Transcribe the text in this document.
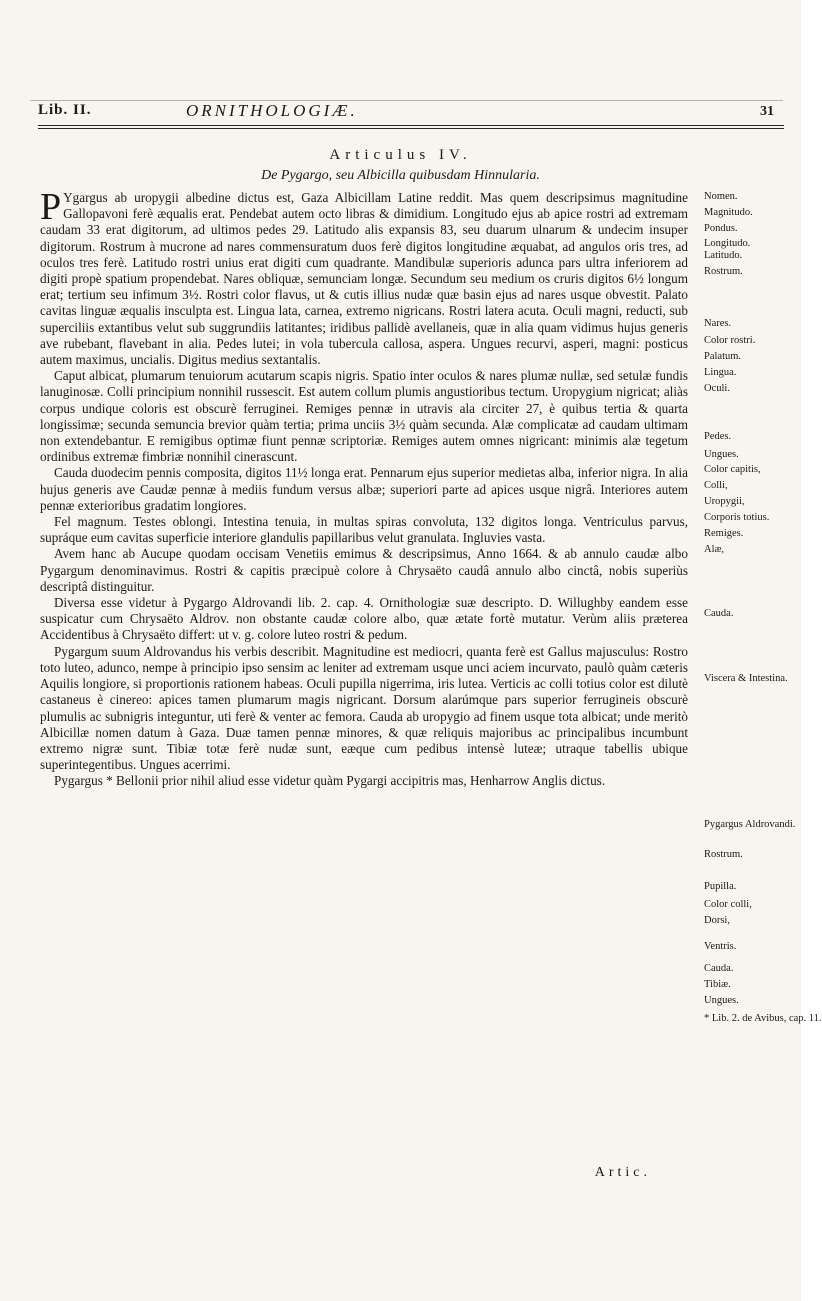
Lib. II.	ORNITHOLOGIÆ.	31
Articulus IV.
De Pygargo, seu Albicilla quibusdam Hinnularia.

P Ygargus ab uropygii albedine dictus est, Gaza Albicillam Latine reddit. Mas quem descripsimus magnitudine Gallopavoni ferè æqualis erat. Pendebat autem octo libras & dimidium. Longitudo ejus ab apice rostri ad extremam caudam 33 erat digitorum, ad ultimos pedes 29. Latitudo alis expansis 83, seu duarum ulnarum & undecim insuper digitorum. Rostrum à mucrone ad nares commensuratum duos ferè digitos longitudine æquabat, ad angulos oris tres, ad oculos tres ferè. Latitudo rostri unius erat digiti cum quadrante. Mandibulæ superioris adunca pars ultra inferiorem ad digiti propè spatium propendebat. Nares obliquæ, semunciam longæ. Secundum seu medium os cruris digitos 6½ longum erat; tertium seu infimum 3½. Rostri color flavus, ut & cutis illius nudæ quæ basin ejus ad nares usque obvestit. Palato cavitas linguæ æqualis insculpta est. Lingua lata, carnea, extremo nigricans. Rostri latera acuta. Oculi magni, reducti, sub superciliis extantibus velut sub suggrundiis latitantes; iridibus pallidè avellaneis, quæ in alia quam vidimus hujus generis ave rubebant, flavebant in alia. Pedes lutei; in vola tubercula callosa, aspera. Ungues recurvi, asperi, magni: posticus autem maximus, uncialis. Digitus medius sextantalis.

Caput albicat, plumarum tenuiorum acutarum scapis nigris. Spatio inter oculos & nares plumæ nullæ, sed setulæ fundis lanuginosæ. Colli principium nonnihil russescit. Est autem collum plumis angustioribus tectum. Uropygium nigricat; aliàs corpus undique coloris est obscurè ferruginei. Remiges pennæ in utravis ala circiter 27, è quibus tertia & quarta longissimæ; secunda semuncia brevior quàm tertia; prima unciis 3½ quàm secunda. Alæ complicatæ ad caudam ultimam non extendebantur. E remigibus optimæ fiunt pennæ scriptoriæ. Remiges autem omnes nigricant: minimis alæ tegetum ordinibus extremæ fimbriæ nonnihil cinerascunt.

Cauda duodecim pennis composita, digitos 11½ longa erat. Pennarum ejus superior medietas alba, inferior nigra. In alia hujus generis ave Caudæ pennæ à mediis fundum versus albæ; superiori parte ad apices usque nigrâ. Interiores autem pennæ exterioribus gradatim longiores.

Fel magnum. Testes oblongi. Intestina tenuia, in multas spiras convoluta, 132 digitos longa. Ventriculus parvus, supráque eum cavitas superficie interiore glandulis papillaribus velut granulata. Ingluvies vasta.

Avem hanc ab Aucupe quodam occisam Venetiis emimus & descripsimus, Anno 1664. & ab annulo caudæ albo Pygargum denominavimus. Rostri & capitis præcipuè colore à Chrysaëto caudâ annulo albo cinctâ, nobis superiùs descriptâ distinguitur.

Diversa esse videtur à Pygargo Aldrovandi lib. 2. cap. 4. Ornithologiæ suæ descripto. D. Willughby eandem esse suspicatur cum Chrysaëto Aldrov. non obstante caudæ colore albo, quæ ætate fortè mutatur. Verùm aliis præterea Accidentibus à Chrysaëto differt: ut v. g. colore luteo rostri & pedum.

Pygargum suum Aldrovandus his verbis describit. Magnitudine est mediocri, quanta ferè est Gallus majusculus: Rostro toto luteo, adunco, nempe à principio ipso sensim ac leniter ad extremam usque unci aciem incurvato, paulò quàm cæteris Aquilis longiore, si proportionis rationem habeas. Oculi pupilla nigerrima, iris lutea. Verticis ac colli totius color est dilutè castaneus è cinereo: apices tamen plumarum magis nigricant. Dorsum alarúmque pars superior ferrugineis obscurè plumulis ac subnigris integuntur, uti ferè & venter ac femora. Cauda ab uropygio ad finem usque tota albicat; unde meritò Albicillæ nomen datum à Gaza. Duæ tamen pennæ minores, & quæ reliquis majoribus ac principalibus incumbunt extremo nigræ sunt. Tibiæ totæ ferè nudæ sunt, eæque cum pedibus intensè luteæ; utraque tabellis ubique superintegentibus. Ungues acerrimi.

Pygargus * Bellonii prior nihil aliud esse videtur quàm Pygargi accipitris mas, Henharrow Anglis dictus.

Nomen.
Magnitudo.
Pondus.
Longitudo.
Latitudo.
Rostrum.
Nares.
Color rostri.
Palatum.
Lingua.
Oculi.
Pedes.
Ungues.
Color capitis,
Colli,
Uropygii,
Corporis totius.
Remiges.
Alæ,
Cauda.
Viscera & Intestina.
Pygargus Aldrovandi.
Rostrum.
Pupilla.
Color colli,
Dorsi,
Ventris.
Cauda.
Tibiæ.
Ungues.
* Lib. 2. de Avibus, cap. 11.
Artic.
